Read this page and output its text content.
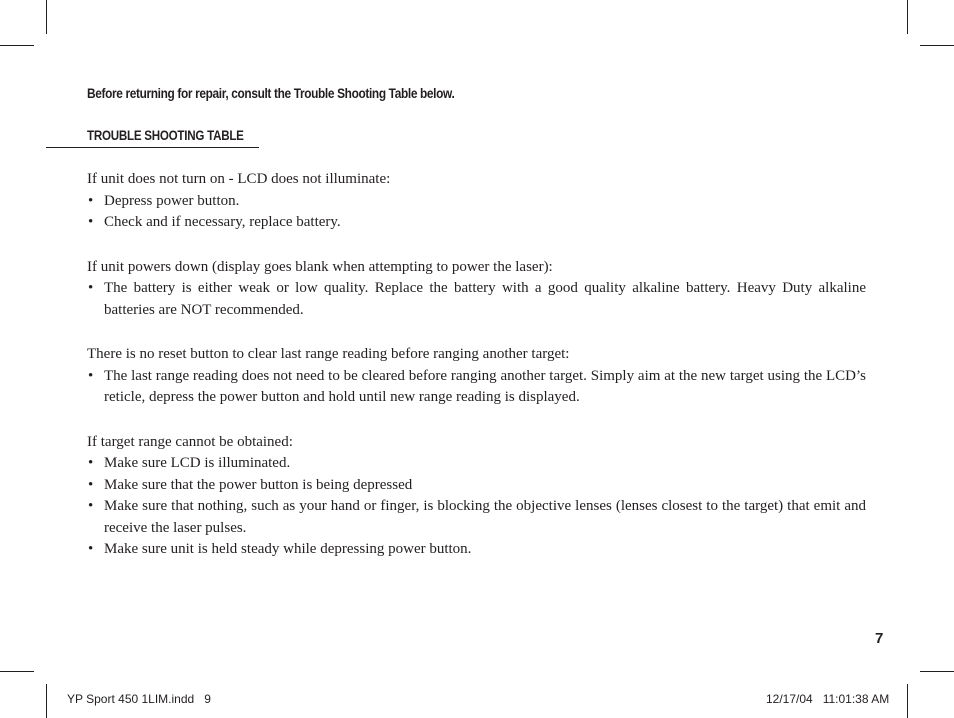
Before returning for repair, consult the Trouble Shooting Table below.

TROUBLE SHOOTING TABLE

If unit does not turn on - LCD does not illuminate:

• Depress power button.
• Check and if necessary, replace battery.

If unit powers down (display goes blank when attempting to power the laser):

• The battery is either weak or low quality. Replace the battery with a good quality alkaline battery. Heavy Duty alkaline batteries are NOT recommended.

There is no reset button to clear last range reading before ranging another target:

• The last range reading does not need to be cleared before ranging another target. Simply aim at the new target using the LCD’s reticle, depress the power button and hold until new range reading is displayed.

If target range cannot be obtained:

• Make sure LCD is illuminated.
• Make sure that the power button is being depressed
• Make sure that nothing, such as your hand or finger, is blocking the objective lenses (lenses closest to the target) that emit and receive the laser pulses.
• Make sure unit is held steady while depressing power button.
7
YP Sport 450 1LIM.indd   9	12/17/04   11:01:38 AM
